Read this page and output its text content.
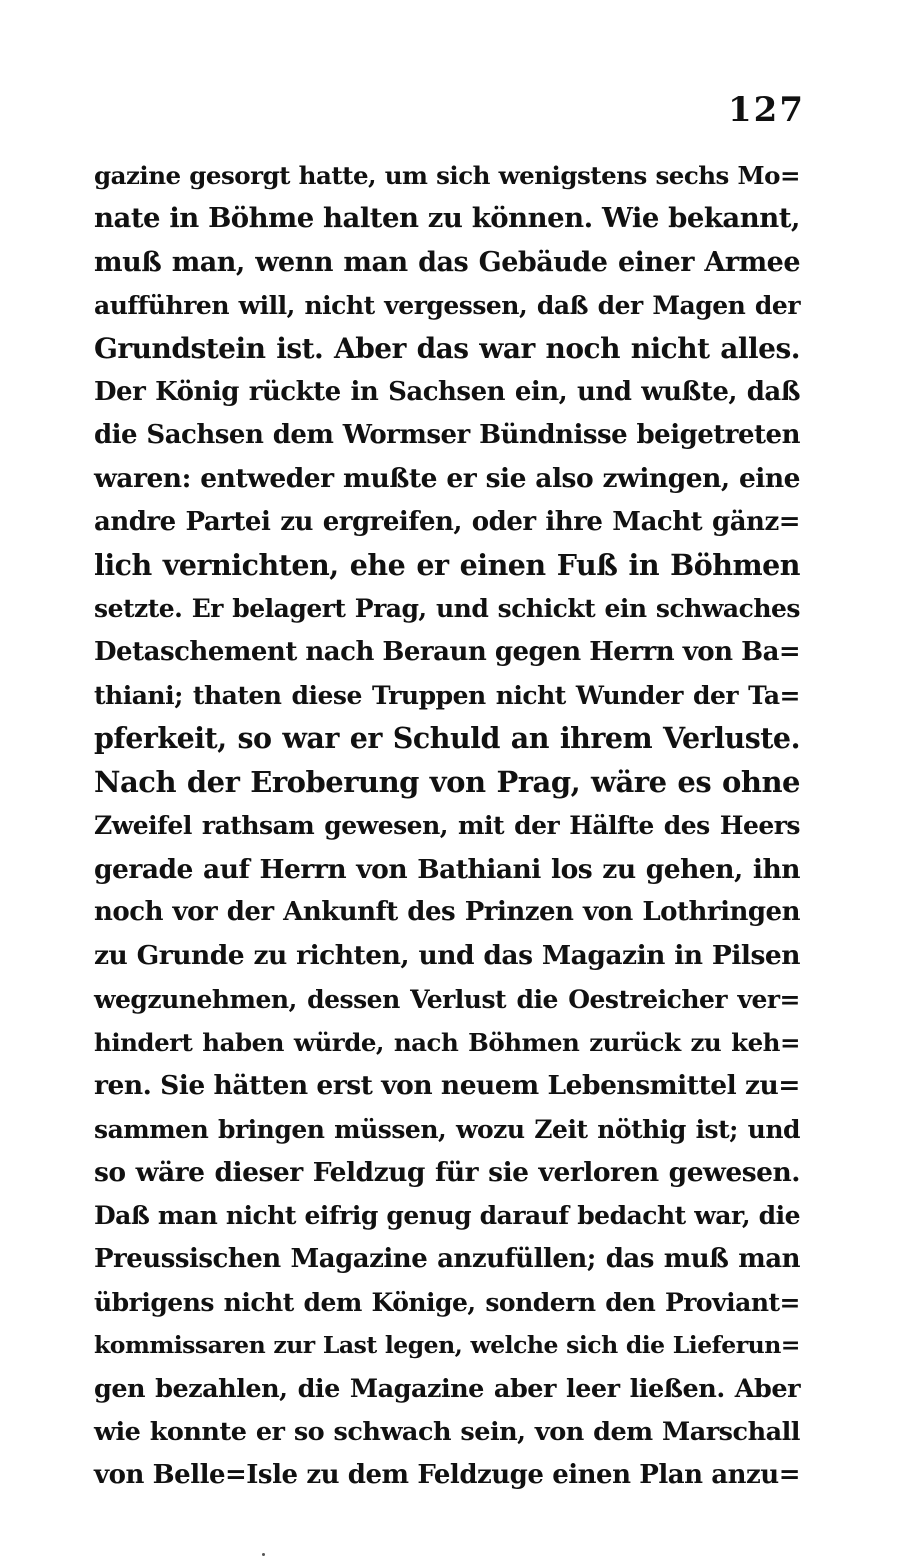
127
gazine gesorgt hatte, um sich wenigstens sechs Mo=
nate in Böhme halten zu können. Wie bekannt,
muß man, wenn man das Gebäude einer Armee
aufführen will, nicht vergessen, daß der Magen der
Grundstein ist. Aber das war noch nicht alles.
Der König rückte in Sachsen ein, und wußte, daß
die Sachsen dem Wormser Bündnisse beigetreten
waren: entweder mußte er sie also zwingen, eine
andre Partei zu ergreifen, oder ihre Macht gänz=
lich vernichten, ehe er einen Fuß in Böhmen
setzte. Er belagert Prag, und schickt ein schwaches
Detaschement nach Beraun gegen Herrn von Ba=
thiani; thaten diese Truppen nicht Wunder der Ta=
pferkeit, so war er Schuld an ihrem Verluste.
Nach der Eroberung von Prag, wäre es ohne
Zweifel rathsam gewesen, mit der Hälfte des Heers
gerade auf Herrn von Bathiani los zu gehen, ihn
noch vor der Ankunft des Prinzen von Lothringen
zu Grunde zu richten, und das Magazin in Pilsen
wegzunehmen, dessen Verlust die Oestreicher ver=
hindert haben würde, nach Böhmen zurück zu keh=
ren. Sie hätten erst von neuem Lebensmittel zu=
sammen bringen müssen, wozu Zeit nöthig ist; und
so wäre dieser Feldzug für sie verloren gewesen.
Daß man nicht eifrig genug darauf bedacht war, die
Preussischen Magazine anzufüllen; das muß man
übrigens nicht dem Könige, sondern den Proviant=
kommissaren zur Last legen, welche sich die Lieferun=
gen bezahlen, die Magazine aber leer ließen. Aber
wie konnte er so schwach sein, von dem Marschall
von Belle=Isle zu dem Feldzuge einen Plan anzu=
